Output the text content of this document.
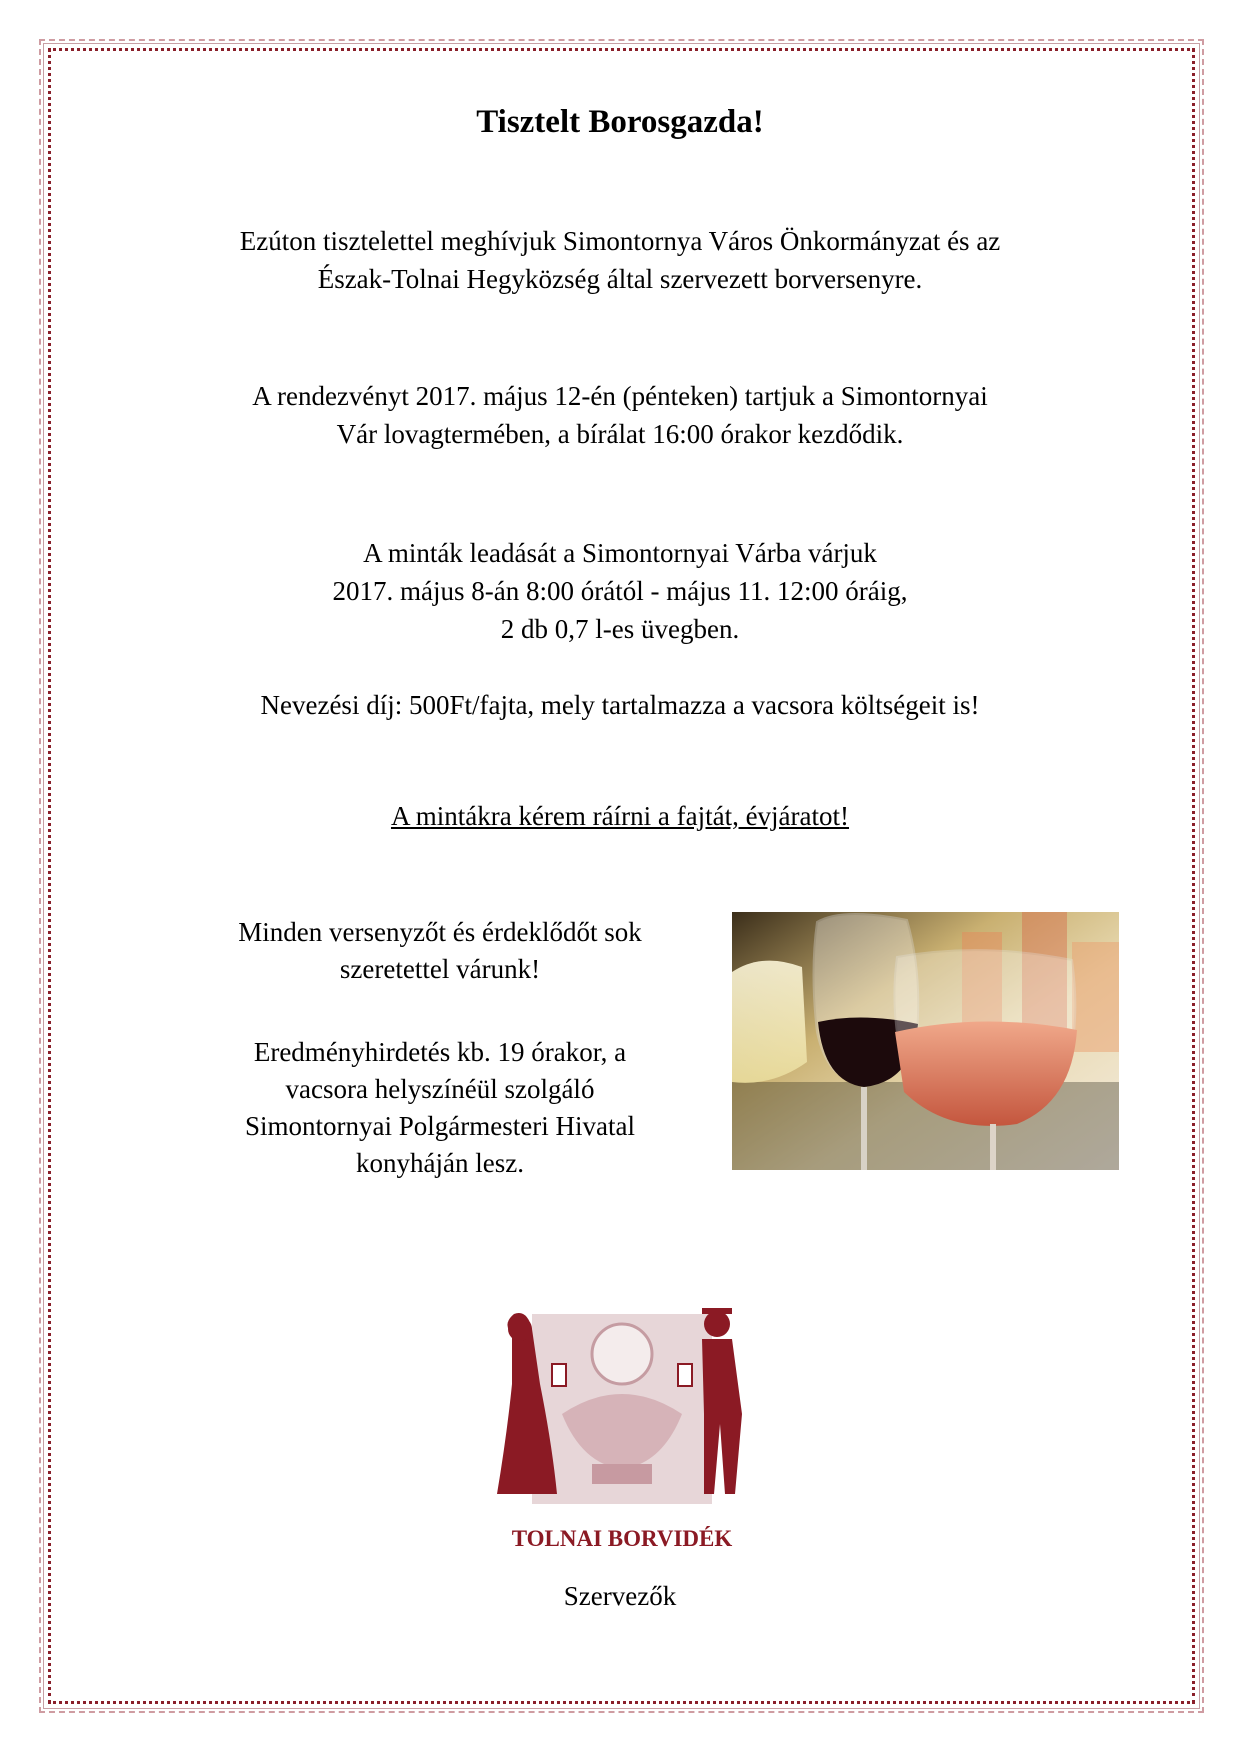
Tisztelt Borosgazda!
Ezúton tisztelettel meghívjuk Simontornya Város Önkormányzat és az
Észak-Tolnai Hegyközség által szervezett borversenyre.
A rendezvényt 2017. május 12-én (pénteken) tartjuk a Simontornyai
Vár lovagtermében, a bírálat 16:00 órakor kezdődik.
A minták leadását a Simontornyai Várba várjuk
2017. május 8-án 8:00 órától - május 11. 12:00 óráig,
2 db 0,7 l-es üvegben.
Nevezési díj: 500Ft/fajta, mely tartalmazza a vacsora költségeit is!
A mintákra kérem ráírni a fajtát, évjáratot!
Minden versenyzőt és érdeklődőt sok
szeretettel várunk!
Eredményhirdetés kb. 19 órakor, a
vacsora helyszínéül szolgáló
Simontornyai Polgármesteri Hivatal
konyháján lesz.
TOLNAI BORVIDÉK
Szervezők
